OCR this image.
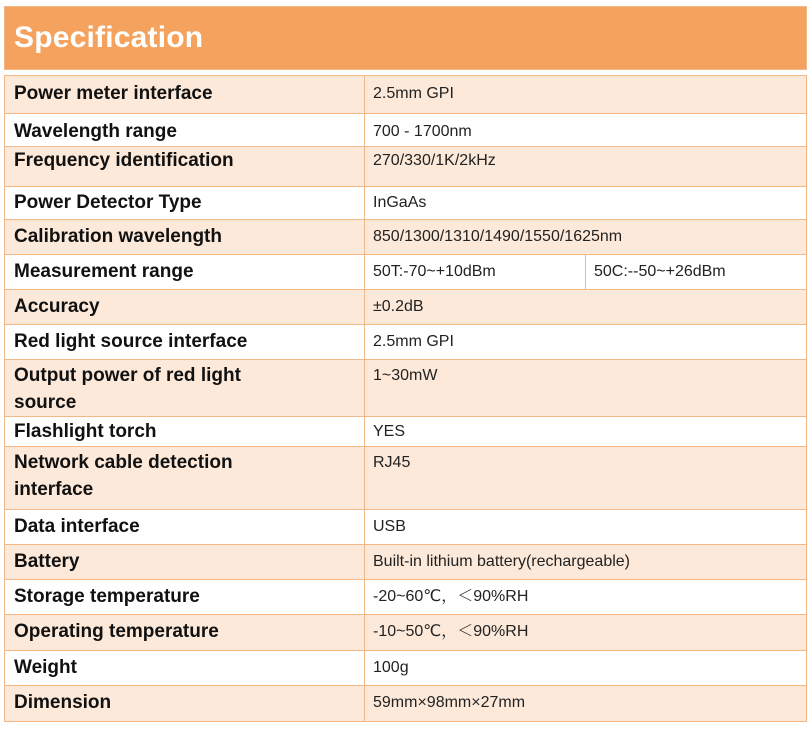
Specification
Power meter interface	2.5mm GPI	

Wavelength range	700 - 1700nm	

Frequency identification	270/330/1K/2kHz	

Power Detector Type	InGaAs	

Calibration wavelength	850/1300/1310/1490/1550/1625nm	

Measurement range	50T:-70~+10dBm	50C:--50~+26dBm

Accuracy	±0.2dB	

Red light source interface	2.5mm GPI	

Output power of red light source	1~30mW	

Flashlight torch	YES	

Network cable detection interface	RJ45	

Data interface	USB	

Battery	Built-in lithium battery(rechargeable)	

Storage temperature	-20~60℃，＜90%RH	

Operating temperature	-10~50℃，＜90%RH	

Weight	100g	

Dimension	59mm×98mm×27mm	
